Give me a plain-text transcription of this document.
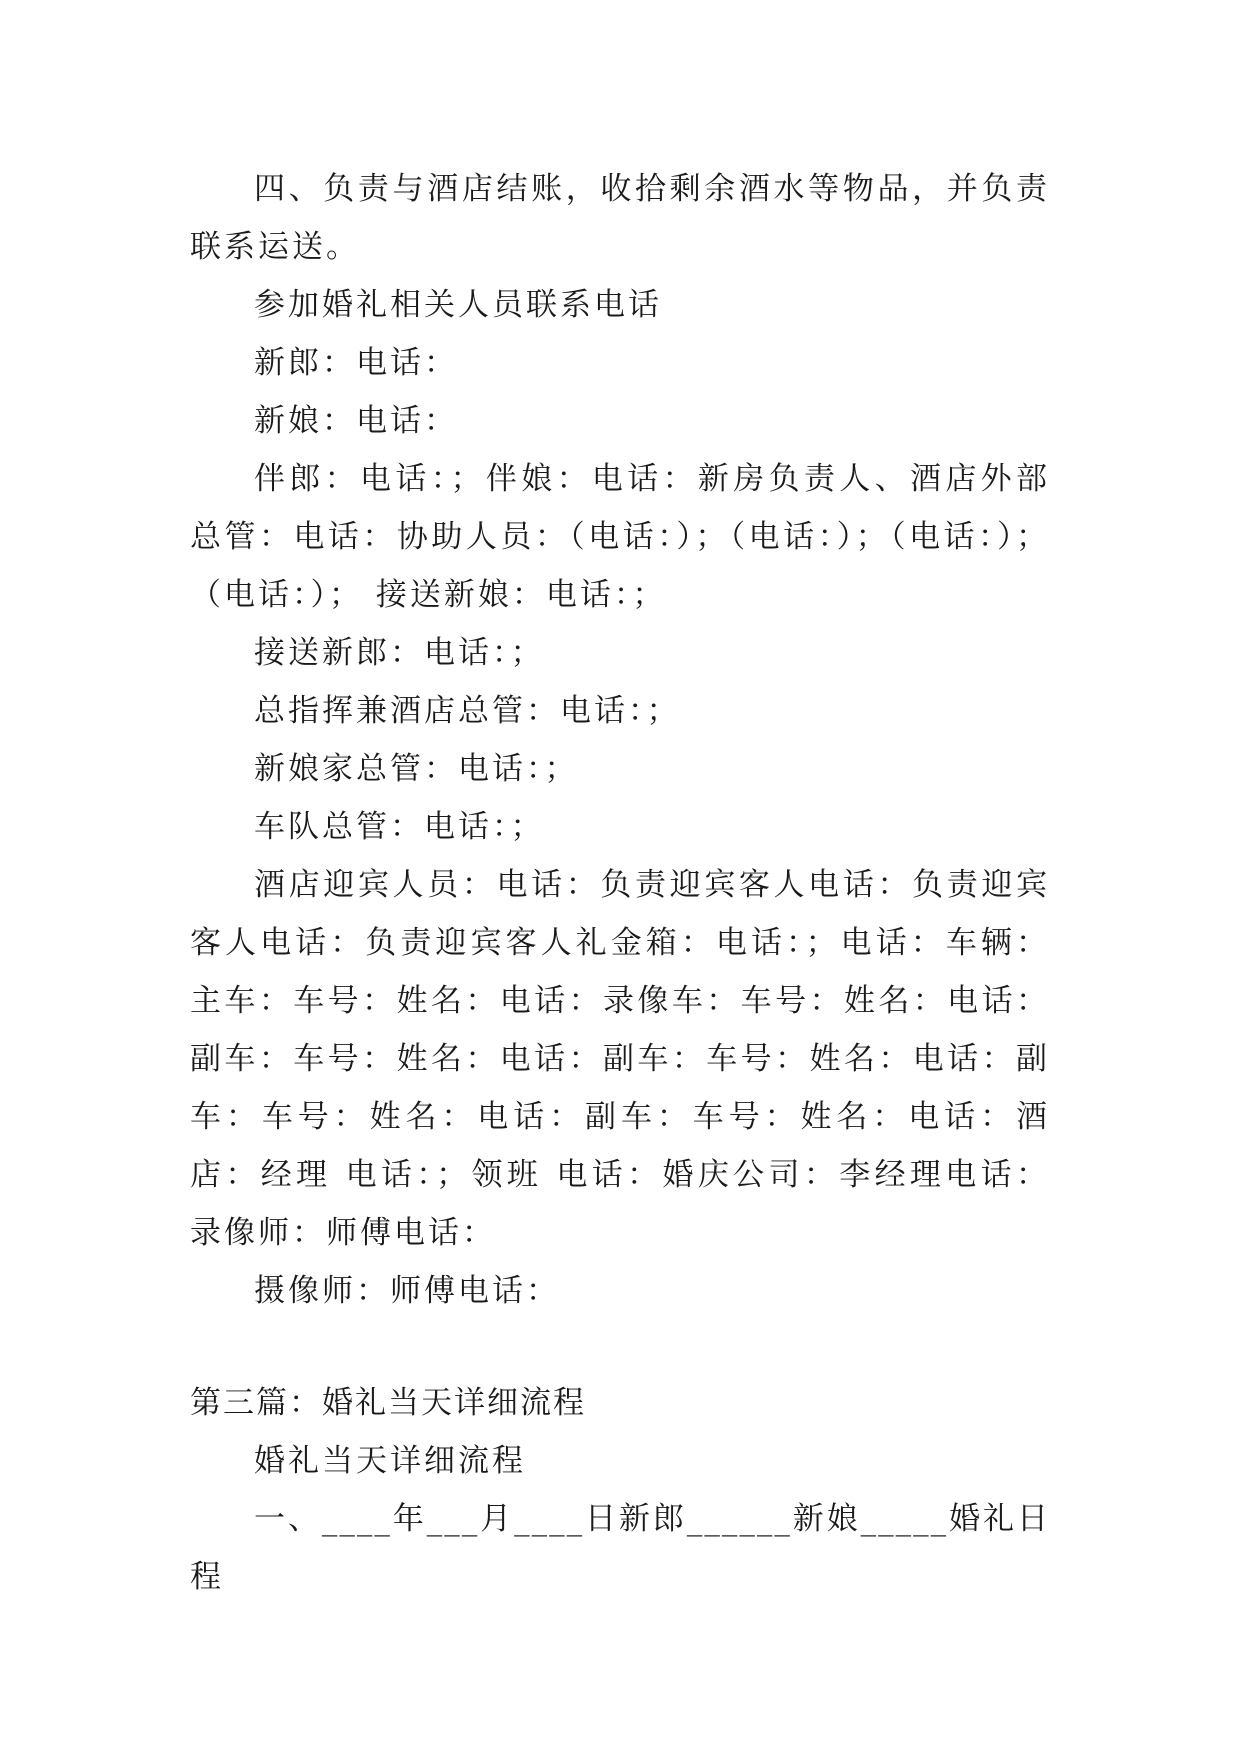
四、负责与酒店结账，收拾剩余酒水等物品，并负责联系运送。

参加婚礼相关人员联系电话

新郎：电话：

新娘：电话：

伴郎：电话：；伴娘：电话：新房负责人、酒店外部总管：电话：协助人员：（电话：）；（电话：）；（电话：）；（电话：）； 接送新娘：电话：；

接送新郎：电话：；

总指挥兼酒店总管：电话：；

新娘家总管：电话：；

车队总管：电话：；

酒店迎宾人员：电话：负责迎宾客人电话：负责迎宾客人电话：负责迎宾客人礼金箱：电话：；电话：车辆：主车：车号：姓名：电话：录像车：车号：姓名：电话：副车：车号：姓名：电话：副车：车号：姓名：电话：副车：车号：姓名：电话：副车：车号：姓名：电话：酒店：经理 电话：；领班 电话：婚庆公司：李经理电话：录像师：师傅电话：

摄像师：师傅电话：

第三篇：婚礼当天详细流程

婚礼当天详细流程

一、____年___月____日新郎______新娘_____婚礼日程
